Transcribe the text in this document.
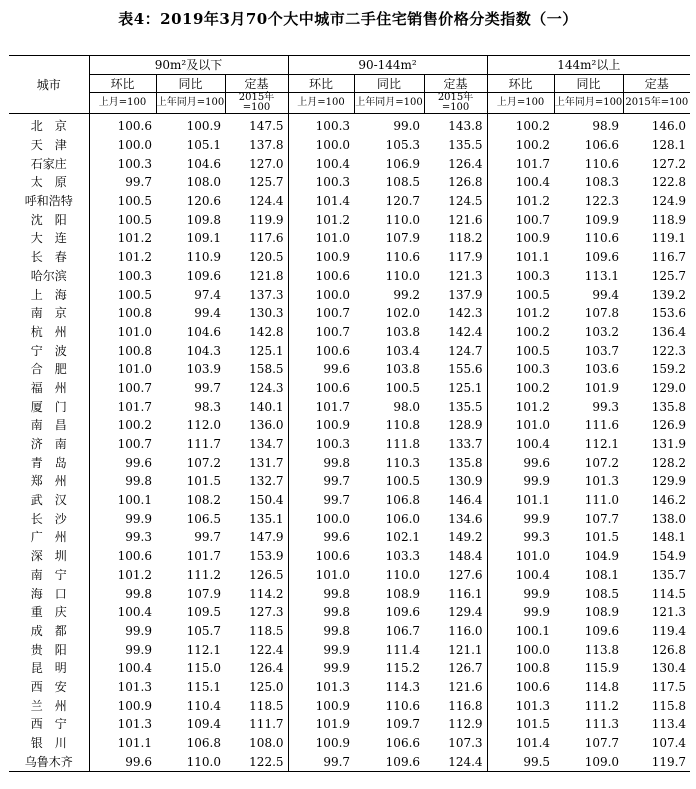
表4：2019年3月70个大中城市二手住宅销售价格分类指数（一）
城市	90m²及以下			90-144m²			144m²以上		
	环比	同比	定基	环比	同比	定基	环比	同比	定基
	上月=100	上年同月=100	2015年=100	上月=100	上年同月=100	2015年=100	上月=100	上年同月=100	2015年=100
北　京	100.6	100.9	147.5	100.3	99.0	143.8	100.2	98.9	146.0
天　津	100.0	105.1	137.8	100.0	105.3	135.5	100.2	106.6	128.1
石家庄	100.3	104.6	127.0	100.4	106.9	126.4	101.7	110.6	127.2
太　原	99.7	108.0	125.7	100.3	108.5	126.8	100.4	108.3	122.8
呼和浩特	100.5	120.6	124.4	101.4	120.7	124.5	101.2	122.3	124.9
沈　阳	100.5	109.8	119.9	101.2	110.0	121.6	100.7	109.9	118.9
大　连	101.2	109.1	117.6	101.0	107.9	118.2	100.9	110.6	119.1
长　春	101.2	110.9	120.5	100.9	110.6	117.9	101.1	109.6	116.7
哈尔滨	100.3	109.6	121.8	100.6	110.0	121.3	100.3	113.1	125.7
上　海	100.5	97.4	137.3	100.0	99.2	137.9	100.5	99.4	139.2
南　京	100.8	99.4	130.3	100.7	102.0	142.3	101.2	107.8	153.6
杭　州	101.0	104.6	142.8	100.7	103.8	142.4	100.2	103.2	136.4
宁　波	100.8	104.3	125.1	100.6	103.4	124.7	100.5	103.7	122.3
合　肥	101.0	103.9	158.5	99.6	103.8	155.6	100.3	103.6	159.2
福　州	100.7	99.7	124.3	100.6	100.5	125.1	100.2	101.9	129.0
厦　门	101.7	98.3	140.1	101.7	98.0	135.5	101.2	99.3	135.8
南　昌	100.2	112.0	136.0	100.9	110.8	128.9	101.0	111.6	126.9
济　南	100.7	111.7	134.7	100.3	111.8	133.7	100.4	112.1	131.9
青　岛	99.6	107.2	131.7	99.8	110.3	135.8	99.6	107.2	128.2
郑　州	99.8	101.5	132.7	99.7	100.5	130.9	99.9	101.3	129.9
武　汉	100.1	108.2	150.4	99.7	106.8	146.4	101.1	111.0	146.2
长　沙	99.9	106.5	135.1	100.0	106.0	134.6	99.9	107.7	138.0
广　州	99.3	99.7	147.9	99.6	102.1	149.2	99.3	101.5	148.1
深　圳	100.6	101.7	153.9	100.6	103.3	148.4	101.0	104.9	154.9
南　宁	101.2	111.2	126.5	101.0	110.0	127.6	100.4	108.1	135.7
海　口	99.8	107.9	114.2	99.8	108.9	116.1	99.9	108.5	114.5
重　庆	100.4	109.5	127.3	99.8	109.6	129.4	99.9	108.9	121.3
成　都	99.9	105.7	118.5	99.8	106.7	116.0	100.1	109.6	119.4
贵　阳	99.9	112.1	122.4	99.9	111.4	121.1	100.0	113.8	126.8
昆　明	100.4	115.0	126.4	99.9	115.2	126.7	100.8	115.9	130.4
西　安	101.3	115.1	125.0	101.3	114.3	121.6	100.6	114.8	117.5
兰　州	100.9	110.4	118.5	100.9	110.6	116.8	101.3	111.2	115.8
西　宁	101.3	109.4	111.7	101.9	109.7	112.9	101.5	111.3	113.4
银　川	101.1	106.8	108.0	100.9	106.6	107.3	101.4	107.7	107.4
乌鲁木齐	99.6	110.0	122.5	99.7	109.6	124.4	99.5	109.0	119.7
